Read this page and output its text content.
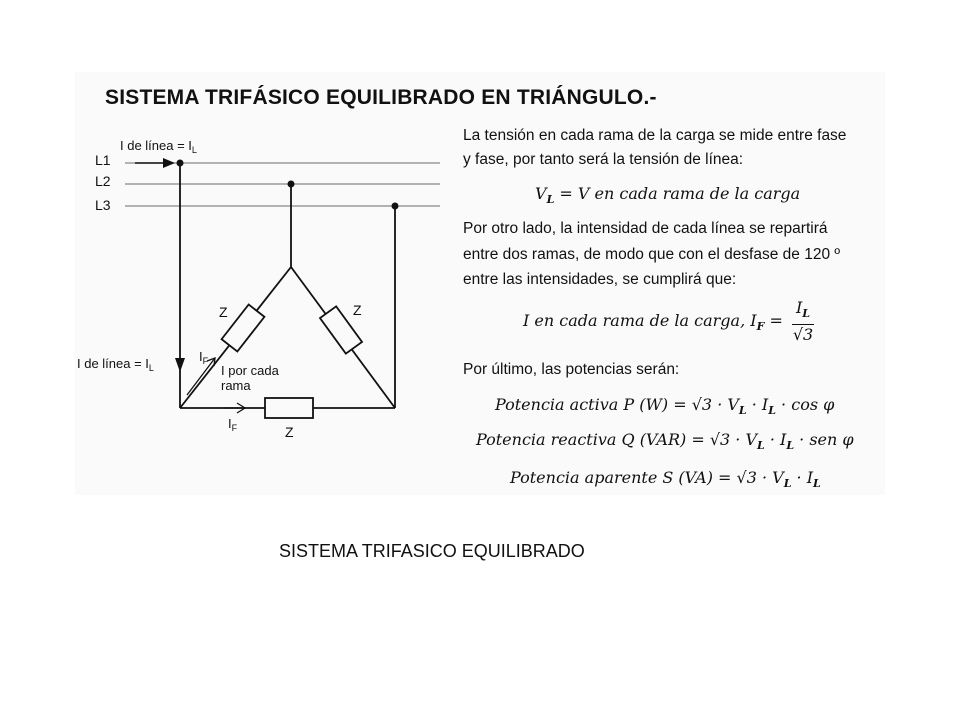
SISTEMA TRIFÁSICO EQUILIBRADO EN TRIÁNGULO.-
L1
L2
L3
I de línea = $I_L$
Z	Z
Z
I de línea = $I_L$
$I_F$
I por cada
rama
$I_F$
La tensión en cada rama de la carga se mide entre fase
y fase, por tanto será la tensión de línea:
$V_L = V$ en cada rama de la carga
Por otro lado, la intensidad de cada línea se repartirá
entre dos ramas, de modo que con el desfase de 120 º
entre las intensidades, se cumplirá que:
I en cada rama de la carga, $I_F = \frac{I_L}{√3}$
Por último, las potencias serán:
Potencia activa P $(W) = √3 \cdot V_L \cdot I_L \cdot \cos \varphi$
Potencia reactiva Q $(VAR) = √3 \cdot V_L \cdot I_L$ · sen φ
Potencia aparente S $(VA) = √3 \cdot V_L \cdot I_L$
SISTEMA TRIFASICO EQUILIBRADO
